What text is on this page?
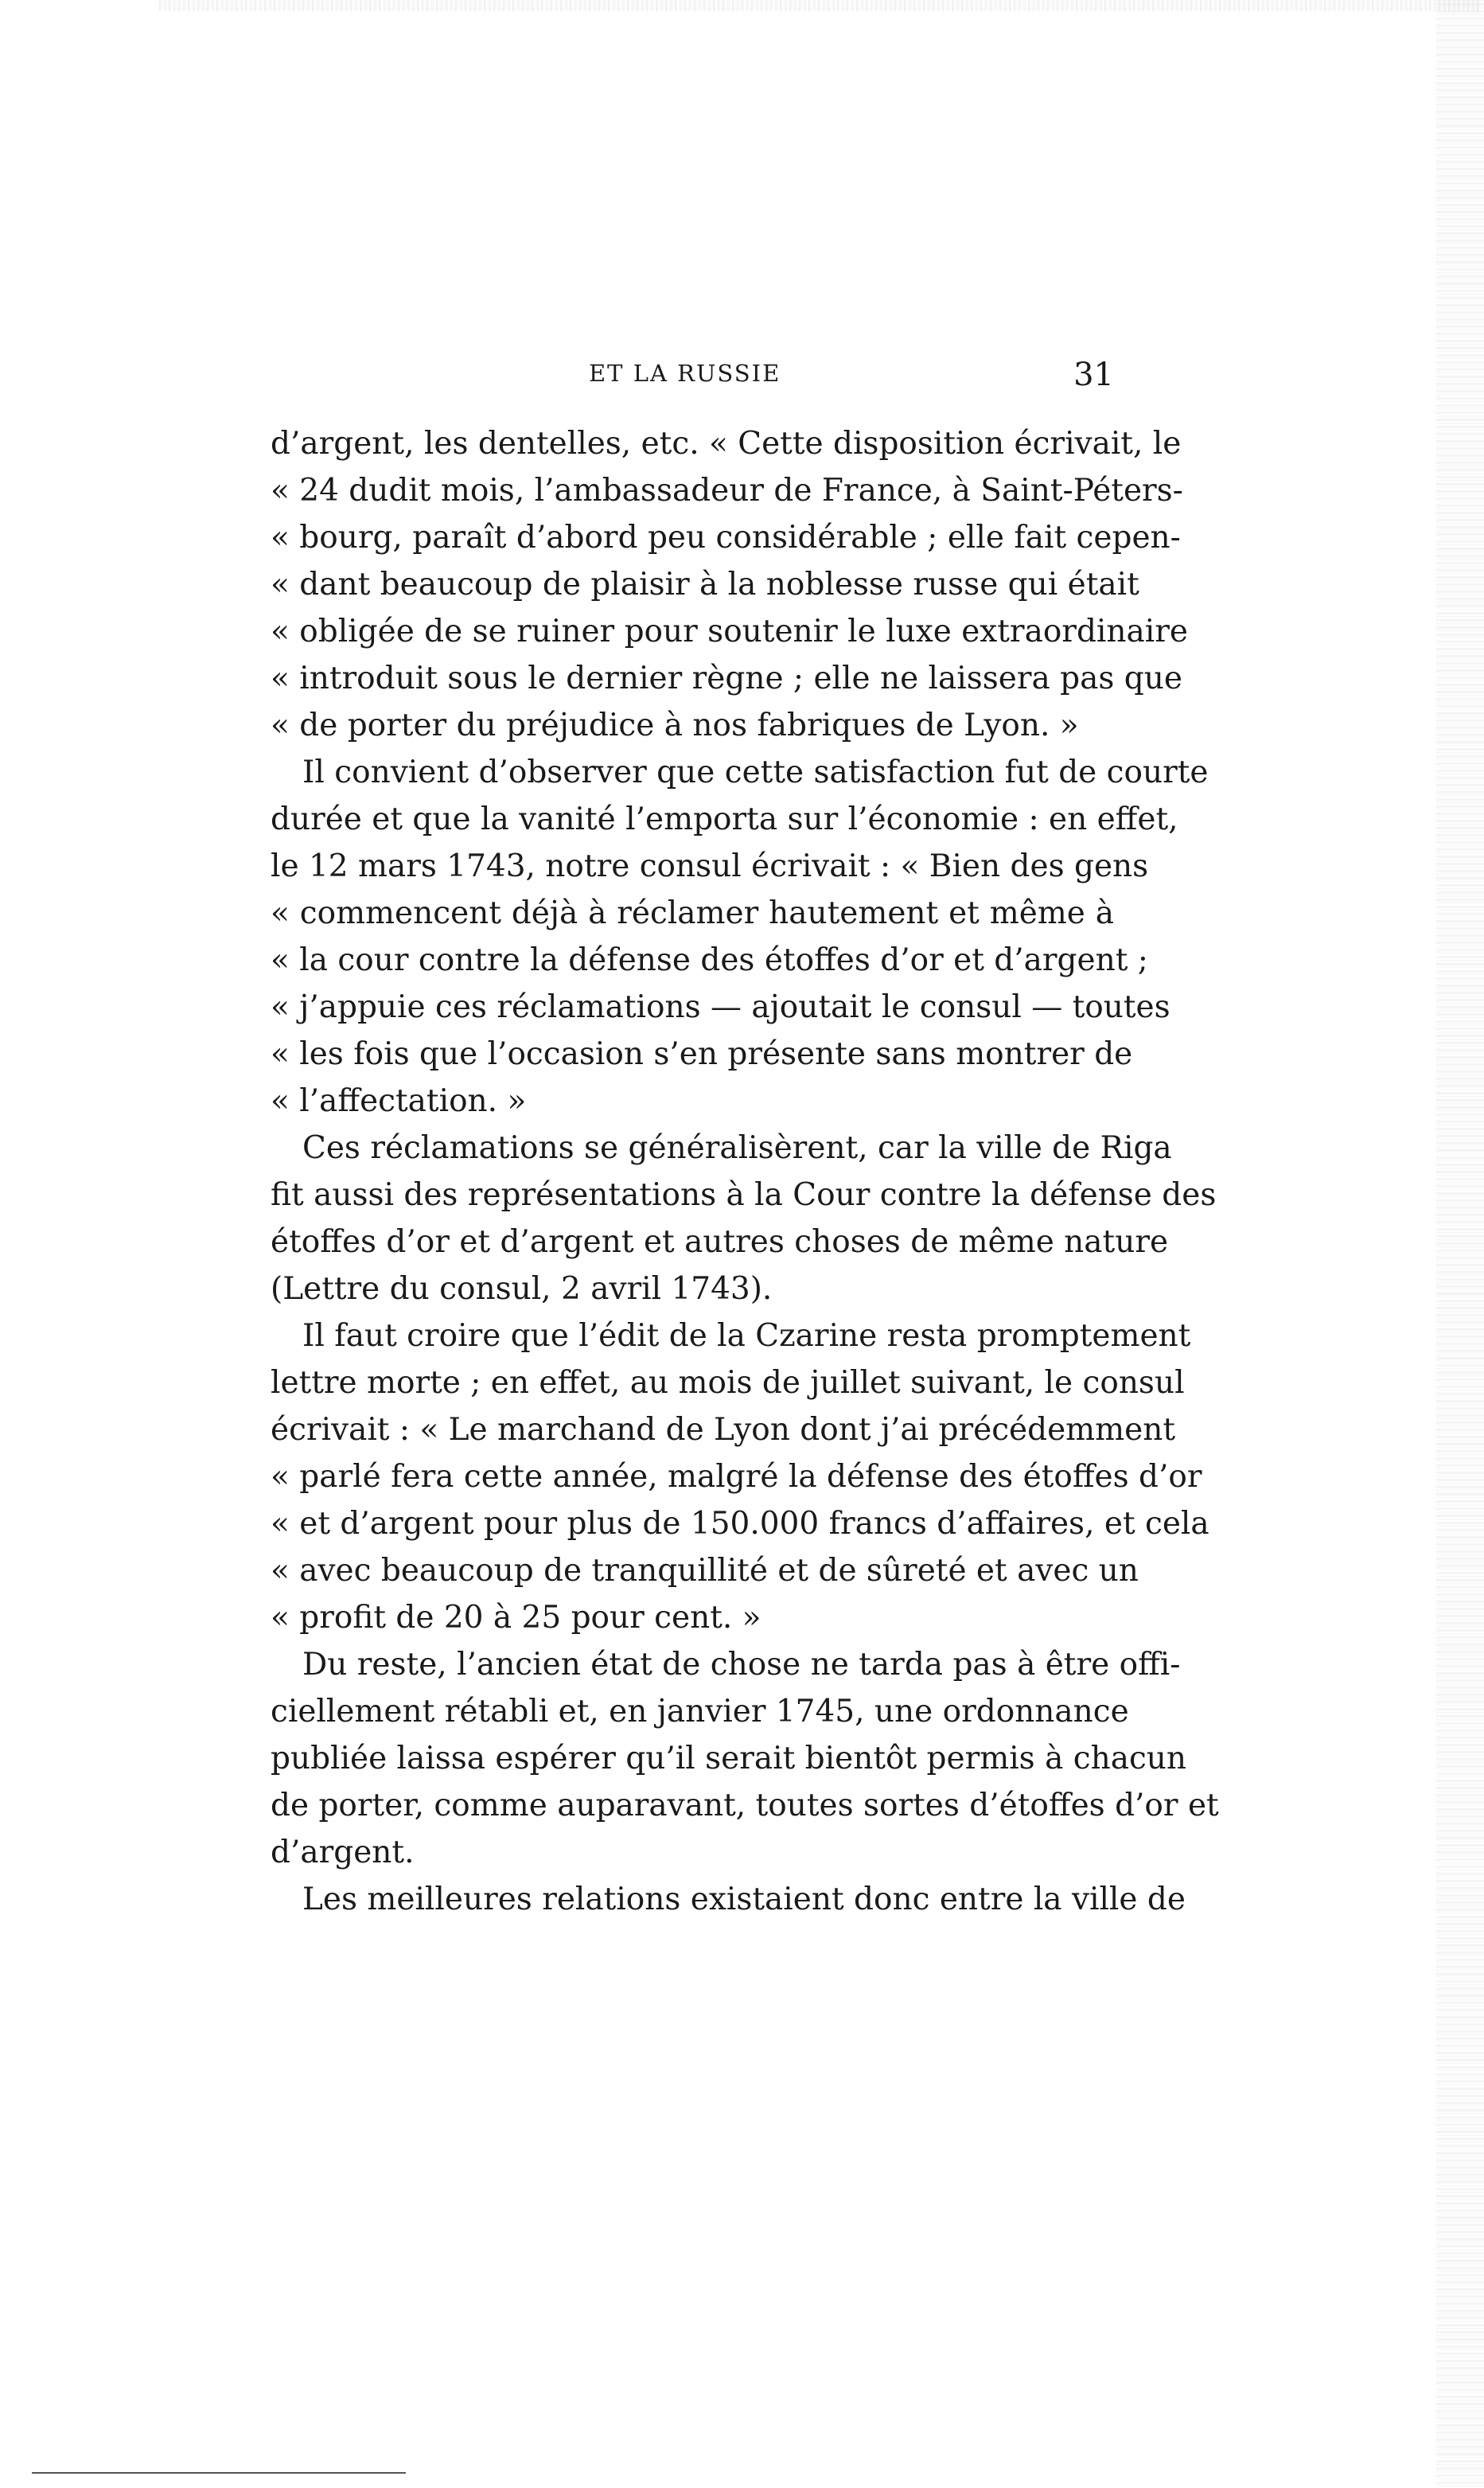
ET LA RUSSIE	31
d’argent, les dentelles, etc. « Cette disposition écrivait, le
« 24 dudit mois, l’ambassadeur de France, à Saint-Péters-
« bourg, paraît d’abord peu considérable ; elle fait cepen-
« dant beaucoup de plaisir à la noblesse russe qui était
« obligée de se ruiner pour soutenir le luxe extraordinaire
« introduit sous le dernier règne ; elle ne laissera pas que
« de porter du préjudice à nos fabriques de Lyon. »
Il convient d’observer que cette satisfaction fut de courte
durée et que la vanité l’emporta sur l’économie : en effet,
le 12 mars 1743, notre consul écrivait : « Bien des gens
« commencent déjà à réclamer hautement et même à
« la cour contre la défense des étoffes d’or et d’argent ;
« j’appuie ces réclamations — ajoutait le consul — toutes
« les fois que l’occasion s’en présente sans montrer de
« l’affectation. »
Ces réclamations se généralisèrent, car la ville de Riga
fit aussi des représentations à la Cour contre la défense des
étoffes d’or et d’argent et autres choses de même nature
(Lettre du consul, 2 avril 1743).
Il faut croire que l’édit de la Czarine resta promptement
lettre morte ; en effet, au mois de juillet suivant, le consul
écrivait : « Le marchand de Lyon dont j’ai précédemment
« parlé fera cette année, malgré la défense des étoffes d’or
« et d’argent pour plus de 150.000 francs d’affaires, et cela
« avec beaucoup de tranquillité et de sûreté et avec un
« profit de 20 à 25 pour cent. »
Du reste, l’ancien état de chose ne tarda pas à être offi-
ciellement rétabli et, en janvier 1745, une ordonnance
publiée laissa espérer qu’il serait bientôt permis à chacun
de porter, comme auparavant, toutes sortes d’étoffes d’or et
d’argent.
Les meilleures relations existaient donc entre la ville de
